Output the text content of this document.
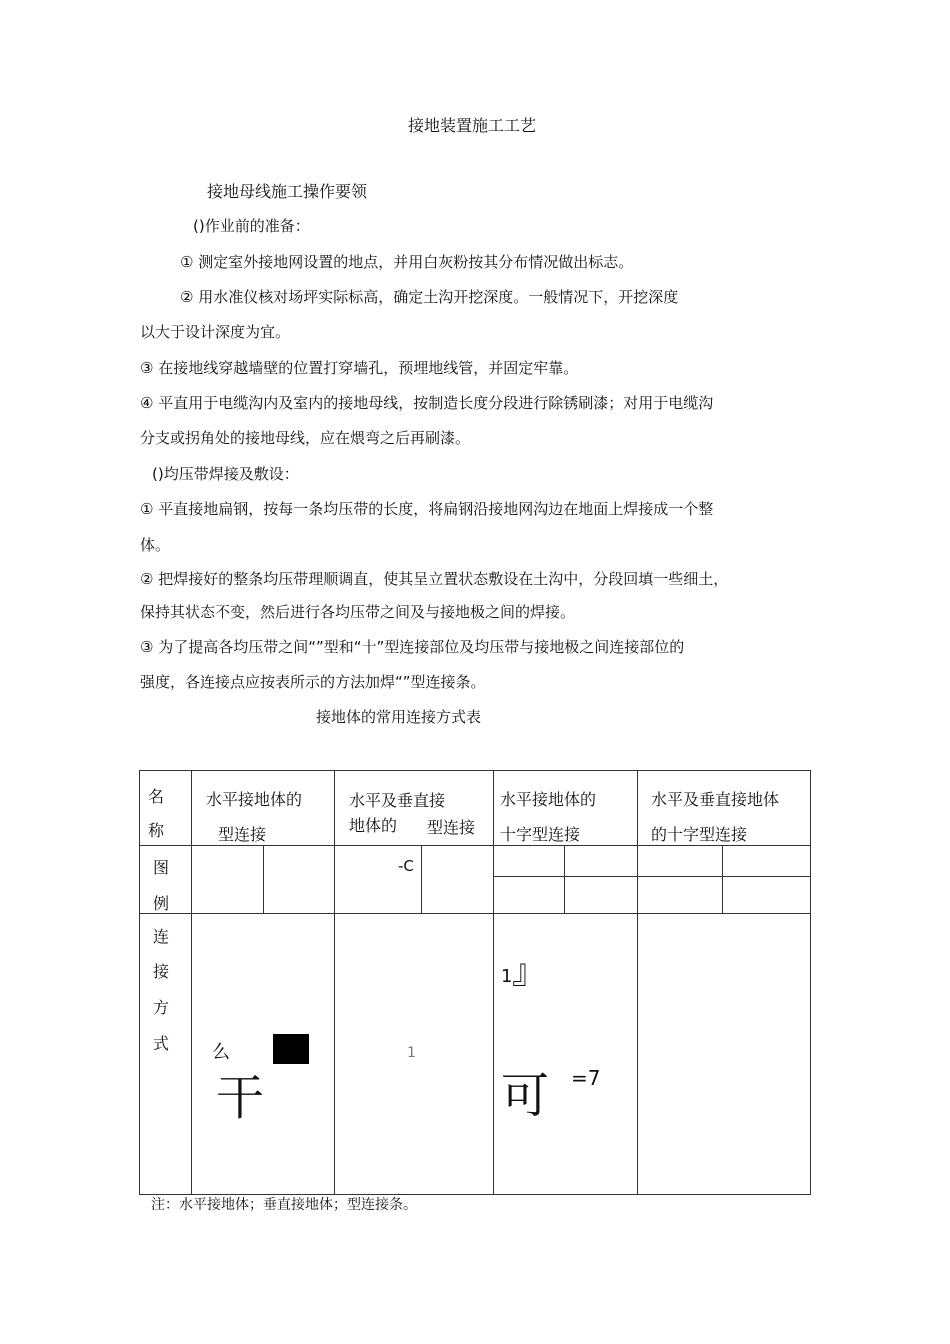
接地装置施工工艺
接地母线施工操作要领
()作业前的准备：
① 测定室外接地网设置的地点，并用白灰粉按其分布情况做出标志。
② 用水准仪核对场坪实际标高，确定土沟开挖深度。一般情况下，开挖深度
以大于设计深度为宜。
③ 在接地线穿越墙壁的位置打穿墙孔，预埋地线管，并固定牢靠。
④ 平直用于电缆沟内及室内的接地母线，按制造长度分段进行除锈刷漆；对用于电缆沟
分支或拐角处的接地母线，应在煨弯之后再刷漆。
()均压带焊接及敷设：
① 平直接地扁钢，按每一条均压带的长度，将扁钢沿接地网沟边在地面上焊接成一个整
体。
② 把焊接好的整条均压带理顺调直，使其呈立置状态敷设在土沟中，分段回填一些细土，
保持其状态不变，然后进行各均压带之间及与接地极之间的焊接。
③ 为了提高各均压带之间“”型和“十”型连接部位及均压带与接地极之间连接部位的
强度，各连接点应按表所示的方法加焊“”型连接条。
接地体的常用连接方式表
名
称
图
例
连
接
方
式
水平接地体的
型连接
水平及垂直接
地体的 型连接
水平接地体的
十字型连接
水平及垂直接地体
的十字型连接
-C
么
干
1
1 』
可 =7
注：水平接地体；垂直接地体；型连接条。
